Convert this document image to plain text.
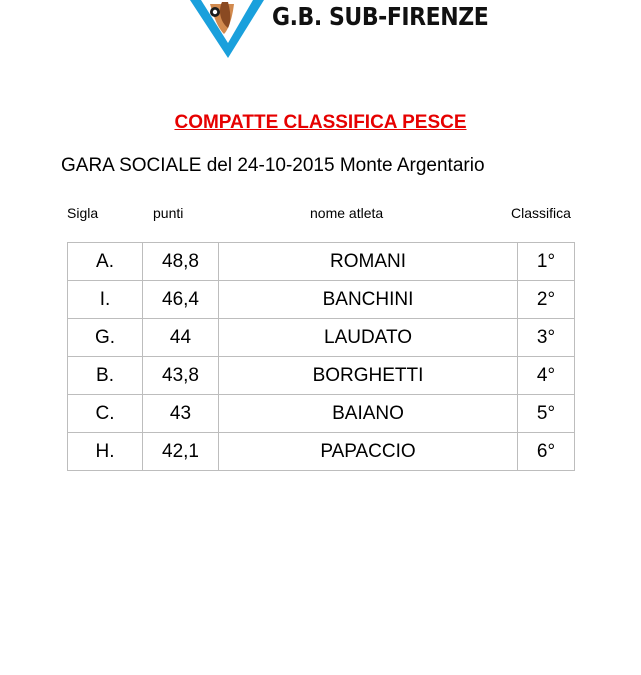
G.B. SUB-FIRENZE
COMPATTE CLASSIFICA PESCE
GARA SOCIALE del 24-10-2015 Monte Argentario
Sigla	punti	nome atleta	Classifica
A.	48,8	ROMANI	1°
I.	46,4	BANCHINI	2°
G.	44	LAUDATO	3°
B.	43,8	BORGHETTI	4°
C.	43	BAIANO	5°
H.	42,1	PAPACCIO	6°
